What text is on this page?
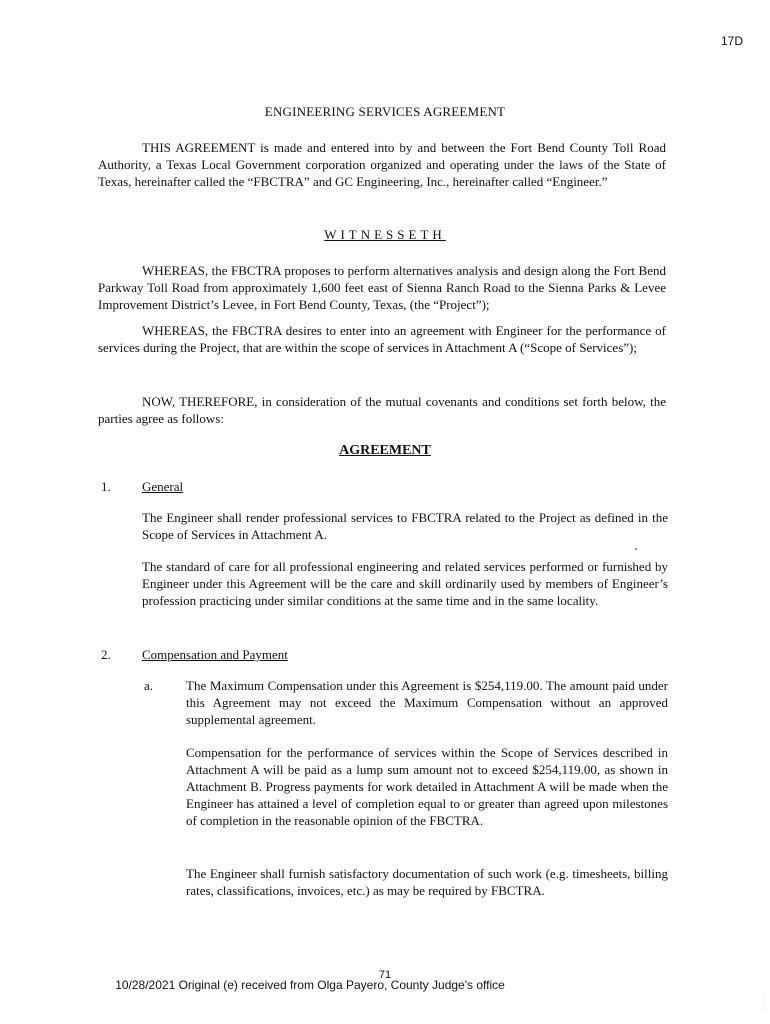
17D
ENGINEERING SERVICES AGREEMENT
THIS AGREEMENT is made and entered into by and between the Fort Bend County Toll Road Authority, a Texas Local Government corporation organized and operating under the laws of the State of Texas, hereinafter called the “FBCTRA” and GC Engineering, Inc., hereinafter called “Engineer.”
WITNESSETH
WHEREAS, the FBCTRA proposes to perform alternatives analysis and design along the Fort Bend Parkway Toll Road from approximately 1,600 feet east of Sienna Ranch Road to the Sienna Parks & Levee Improvement District’s Levee, in Fort Bend County, Texas, (the “Project”);
WHEREAS, the FBCTRA desires to enter into an agreement with Engineer for the performance of services during the Project, that are within the scope of services in Attachment A (“Scope of Services”);
NOW, THEREFORE, in consideration of the mutual covenants and conditions set forth below, the parties agree as follows:
AGREEMENT
1. General
The Engineer shall render professional services to FBCTRA related to the Project as defined in the Scope of Services in Attachment A.
The standard of care for all professional engineering and related services performed or furnished by Engineer under this Agreement will be the care and skill ordinarily used by members of Engineer’s profession practicing under similar conditions at the same time and in the same locality.
2. Compensation and Payment
a.	The Maximum Compensation under this Agreement is $254,119.00. The amount paid under this Agreement may not exceed the Maximum Compensation without an approved supplemental agreement.
Compensation for the performance of services within the Scope of Services described in Attachment A will be paid as a lump sum amount not to exceed $254,119.00, as shown in Attachment B. Progress payments for work detailed in Attachment A will be made when the Engineer has attained a level of completion equal to or greater than agreed upon milestones of completion in the reasonable opinion of the FBCTRA.
The Engineer shall furnish satisfactory documentation of such work (e.g. timesheets, billing rates, classifications, invoices, etc.) as may be required by FBCTRA.
71
10/28/2021 Original (e) received from Olga Payero, County Judge's office
·
·
·
